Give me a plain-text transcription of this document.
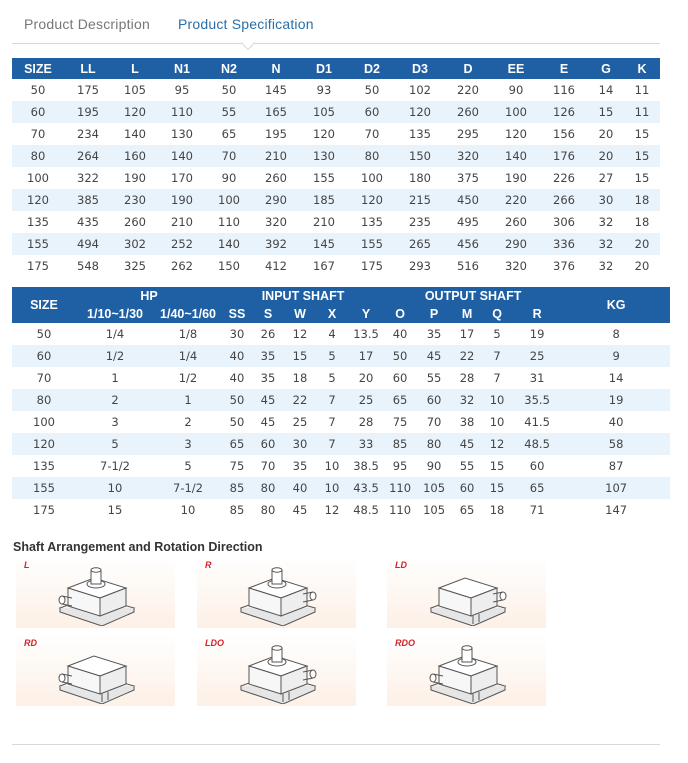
Product Description Product Specification
SIZE	LL	L	N1	N2	N	D1	D2	D3	D	EE	E	G	K
50	175	105	95	50	145	93	50	102	220	90	116	14	11
60	195	120	110	55	165	105	60	120	260	100	126	15	11
70	234	140	130	65	195	120	70	135	295	120	156	20	15
80	264	160	140	70	210	130	80	150	320	140	176	20	15
100	322	190	170	90	260	155	100	180	375	190	226	27	15
120	385	230	190	100	290	185	120	215	450	220	266	30	18
135	435	260	210	110	320	210	135	235	495	260	306	32	18
155	494	302	252	140	392	145	155	265	456	290	336	32	20
175	548	325	262	150	412	167	175	293	516	320	376	32	20
SIZE	HP		INPUT SHAFT					OUTPUT SHAFT					KG
	1/10~1/30	1/40~1/60	SS	S	W	X	Y	O	P	M	Q	R	
50	1/4	1/8	30	26	12	4	13.5	40	35	17	5	19	8
60	1/2	1/4	40	35	15	5	17	50	45	22	7	25	9
70	1	1/2	40	35	18	5	20	60	55	28	7	31	14
80	2	1	50	45	22	7	25	65	60	32	10	35.5	19
100	3	2	50	45	25	7	28	75	70	38	10	41.5	40
120	5	3	65	60	30	7	33	85	80	45	12	48.5	58
135	7-1/2	5	75	70	35	10	38.5	95	90	55	15	60	87
155	10	7-1/2	85	80	40	10	43.5	110	105	60	15	65	107
175	15	10	85	80	45	12	48.5	110	105	65	18	71	147
Shaft Arrangement and Rotation Direction
L	R	LD
RD	LDO	RDO
